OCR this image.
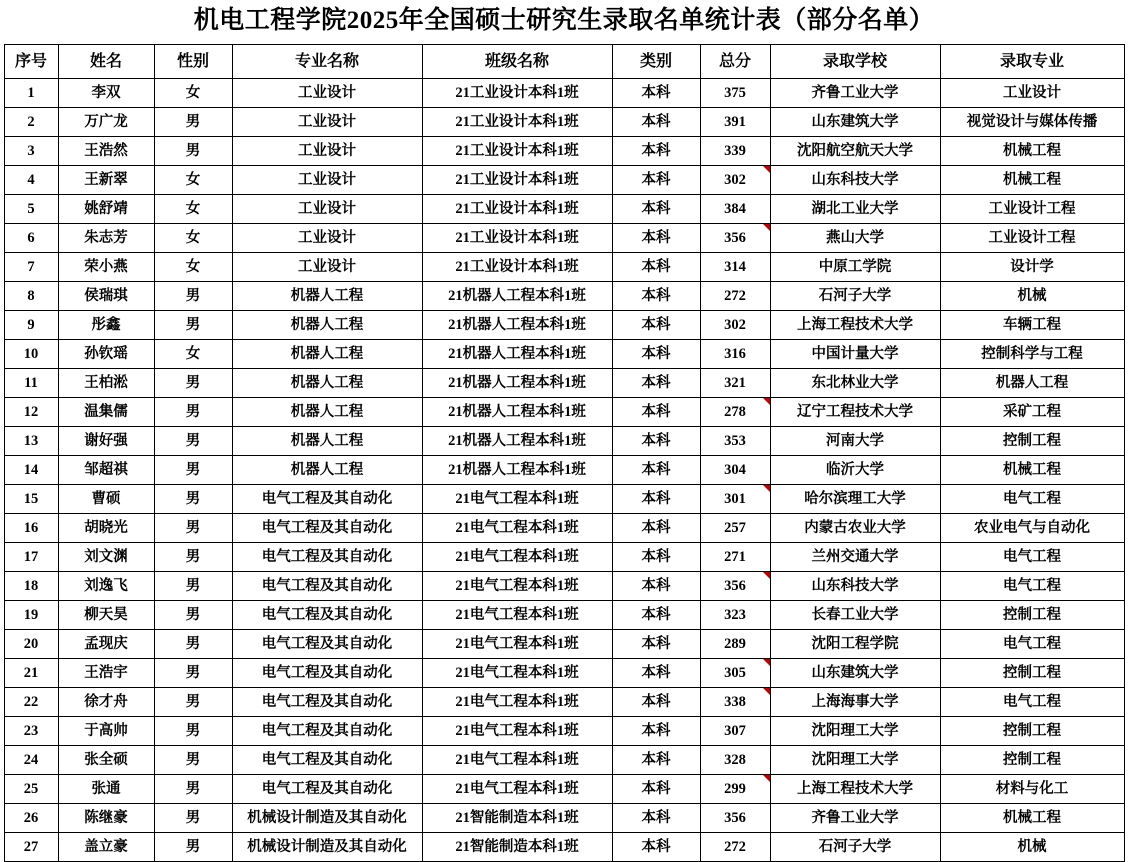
机电工程学院2025年全国硕士研究生录取名单统计表（部分名单）
序号	姓名	性别	专业名称	班级名称	类别	总分	录取学校	录取专业
1	李双	女	工业设计	21工业设计本科1班	本科	375	齐鲁工业大学	工业设计
2	万广龙	男	工业设计	21工业设计本科1班	本科	391	山东建筑大学	视觉设计与媒体传播
3	王浩然	男	工业设计	21工业设计本科1班	本科	339	沈阳航空航天大学	机械工程
4	王新翠	女	工业设计	21工业设计本科1班	本科	302	山东科技大学	机械工程
5	姚舒靖	女	工业设计	21工业设计本科1班	本科	384	湖北工业大学	工业设计工程
6	朱志芳	女	工业设计	21工业设计本科1班	本科	356	燕山大学	工业设计工程
7	荣小燕	女	工业设计	21工业设计本科1班	本科	314	中原工学院	设计学
8	侯瑞琪	男	机器人工程	21机器人工程本科1班	本科	272	石河子大学	机械
9	彤鑫	男	机器人工程	21机器人工程本科1班	本科	302	上海工程技术大学	车辆工程
10	孙钦瑶	女	机器人工程	21机器人工程本科1班	本科	316	中国计量大学	控制科学与工程
11	王柏淞	男	机器人工程	21机器人工程本科1班	本科	321	东北林业大学	机器人工程
12	温集儒	男	机器人工程	21机器人工程本科1班	本科	278	辽宁工程技术大学	采矿工程
13	谢好强	男	机器人工程	21机器人工程本科1班	本科	353	河南大学	控制工程
14	邹超祺	男	机器人工程	21机器人工程本科1班	本科	304	临沂大学	机械工程
15	曹硕	男	电气工程及其自动化	21电气工程本科1班	本科	301	哈尔滨理工大学	电气工程
16	胡晓光	男	电气工程及其自动化	21电气工程本科1班	本科	257	内蒙古农业大学	农业电气与自动化
17	刘文渊	男	电气工程及其自动化	21电气工程本科1班	本科	271	兰州交通大学	电气工程
18	刘逸飞	男	电气工程及其自动化	21电气工程本科1班	本科	356	山东科技大学	电气工程
19	柳天昊	男	电气工程及其自动化	21电气工程本科1班	本科	323	长春工业大学	控制工程
20	孟现庆	男	电气工程及其自动化	21电气工程本科1班	本科	289	沈阳工程学院	电气工程
21	王浩宇	男	电气工程及其自动化	21电气工程本科1班	本科	305	山东建筑大学	控制工程
22	徐才舟	男	电气工程及其自动化	21电气工程本科1班	本科	338	上海海事大学	电气工程
23	于高帅	男	电气工程及其自动化	21电气工程本科1班	本科	307	沈阳理工大学	控制工程
24	张全硕	男	电气工程及其自动化	21电气工程本科1班	本科	328	沈阳理工大学	控制工程
25	张通	男	电气工程及其自动化	21电气工程本科1班	本科	299	上海工程技术大学	材料与化工
26	陈继豪	男	机械设计制造及其自动化	21智能制造本科1班	本科	356	齐鲁工业大学	机械工程
27	盖立豪	男	机械设计制造及其自动化	21智能制造本科1班	本科	272	石河子大学	机械
